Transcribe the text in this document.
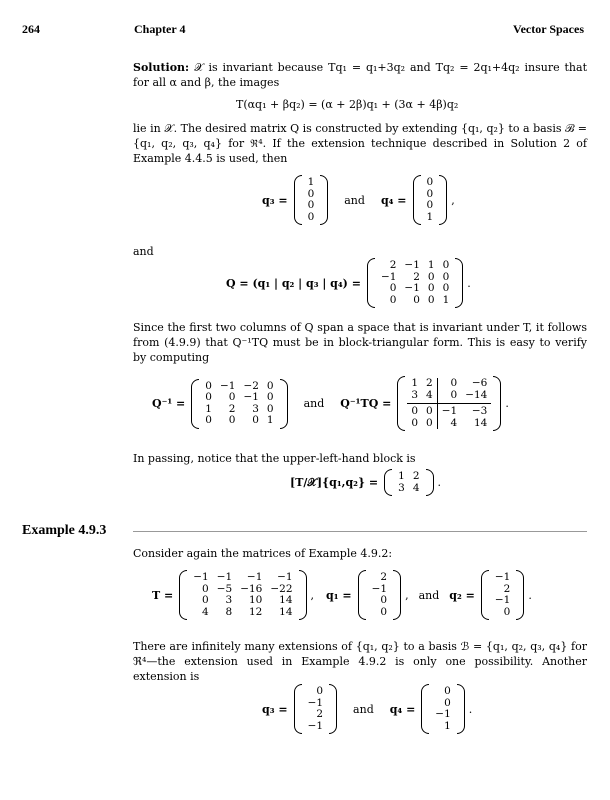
264	Chapter 4	Vector Spaces
Solution: 𝒳 is invariant because Tq₁ = q₁+3q₂ and Tq₂ = 2q₁+4q₂ insure that for all α and β, the images
T(αq₁ + βq₂) = (α + 2β)q₁ + (3α + 4β)q₂
lie in 𝒳. The desired matrix Q is constructed by extending {q₁, q₂} to a basis ℬ = {q₁, q₂, q₃, q₄} for ℜ⁴. If the extension technique described in Solution 2 of Example 4.4.5 is used, then
q₃ =
1
0
0
0
and q₄ =
0
0
0
1
,
and
Q = (q₁ | q₂ | q₃ | q₄) =
2 −1 1 0
−1	2 0 0
0 −1 0 0
0	0 0 1
.
Since the first two columns of Q span a space that is invariant under T, it follows from (4.9.9) that Q⁻¹TQ must be in block-triangular form. This is easy to verify by computing
Q⁻¹ =
0 −1 −2 0
0	0 −1 0
1	2	3 0
0	0	0 1
and Q⁻¹TQ =
1 2	0	−6
3 4	0 −14
0 0 −1	−3
0 0	4	14
.
In passing, notice that the upper-left-hand block is
[T/𝒳]{q₁,q₂} =	1 2
3 4	.
Example 4.9.3
Consider again the matrices of Example 4.9.2:
T =
−1 −1	−1	−1
0 −5 −16 −22
0	3	10	14
4	8	12	14
, q₁ =
2
−1
0
0
, and q₂ =
−1
2
−1
0
.
There are infinitely many extensions of {q₁, q₂} to a basis ℬ = {q₁, q₂, q₃, q₄} for ℜ⁴—the extension used in Example 4.9.2 is only one possibility. Another extension is
q₃ =
0
−1
2
−1
and q₄ =
0
0
−1
1
.
